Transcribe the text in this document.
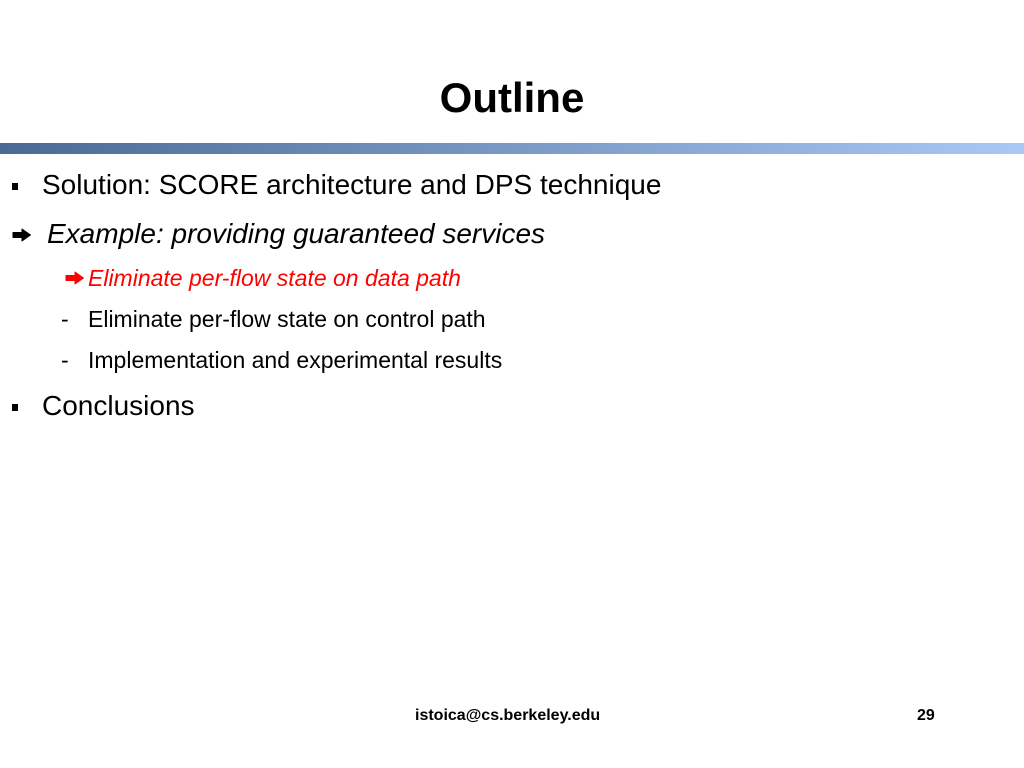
Outline
Solution: SCORE architecture and DPS technique
Example: providing guaranteed services
Eliminate per-flow state on data path
- Eliminate per-flow state on control path
- Implementation and experimental results
Conclusions
istoica@cs.berkeley.edu	29
